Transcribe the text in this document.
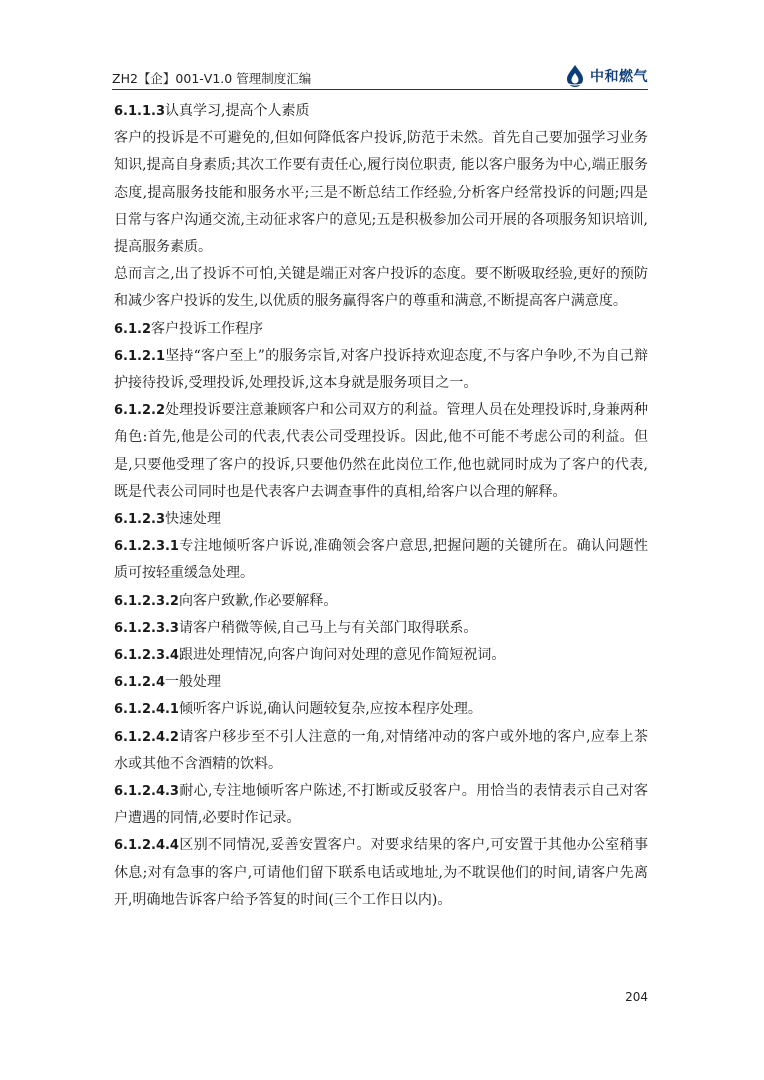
ZH2【企】001-V1.0 管理制度汇编	中和燃气

6.1.1.3认真学习,提高个人素质

客户的投诉是不可避免的,但如何降低客户投诉,防范于未然。首先自己要加强学习业务知识,提高自身素质;其次工作要有责任心,履行岗位职责, 能以客户服务为中心,端正服务态度,提高服务技能和服务水平;三是不断总结工作经验,分析客户经常投诉的问题;四是日常与客户沟通交流,主动征求客户的意见;五是积极参加公司开展的各项服务知识培训,提高服务素质。

总而言之,出了投诉不可怕,关键是端正对客户投诉的态度。要不断吸取经验,更好的预防和减少客户投诉的发生,以优质的服务赢得客户的尊重和满意,不断提高客户满意度。

6.1.2客户投诉工作程序

6.1.2.1坚持“客户至上”的服务宗旨,对客户投诉持欢迎态度,不与客户争吵,不为自己辩护接待投诉,受理投诉,处理投诉,这本身就是服务项目之一。

6.1.2.2处理投诉要注意兼顾客户和公司双方的利益。管理人员在处理投诉时,身兼两种角色:首先,他是公司的代表,代表公司受理投诉。因此,他不可能不考虑公司的利益。但是,只要他受理了客户的投诉,只要他仍然在此岗位工作,他也就同时成为了客户的代表,既是代表公司同时也是代表客户去调查事件的真相,给客户以合理的解释。

6.1.2.3快速处理

6.1.2.3.1专注地倾听客户诉说,准确领会客户意思,把握问题的关键所在。确认问题性质可按轻重缓急处理。

6.1.2.3.2向客户致歉,作必要解释。

6.1.2.3.3请客户稍微等候,自己马上与有关部门取得联系。

6.1.2.3.4跟进处理情况,向客户询问对处理的意见作简短祝词。

6.1.2.4一般处理

6.1.2.4.1倾听客户诉说,确认问题较复杂,应按本程序处理。

6.1.2.4.2请客户移步至不引人注意的一角,对情绪冲动的客户或外地的客户,应奉上茶水或其他不含酒精的饮料。

6.1.2.4.3耐心,专注地倾听客户陈述,不打断或反驳客户。用恰当的表情表示自己对客户遭遇的同情,必要时作记录。

6.1.2.4.4区别不同情况,妥善安置客户。对要求结果的客户,可安置于其他办公室稍事休息;对有急事的客户,可请他们留下联系电话或地址,为不耽误他们的时间,请客户先离开,明确地告诉客户给予答复的时间(三个工作日以内)。

204
